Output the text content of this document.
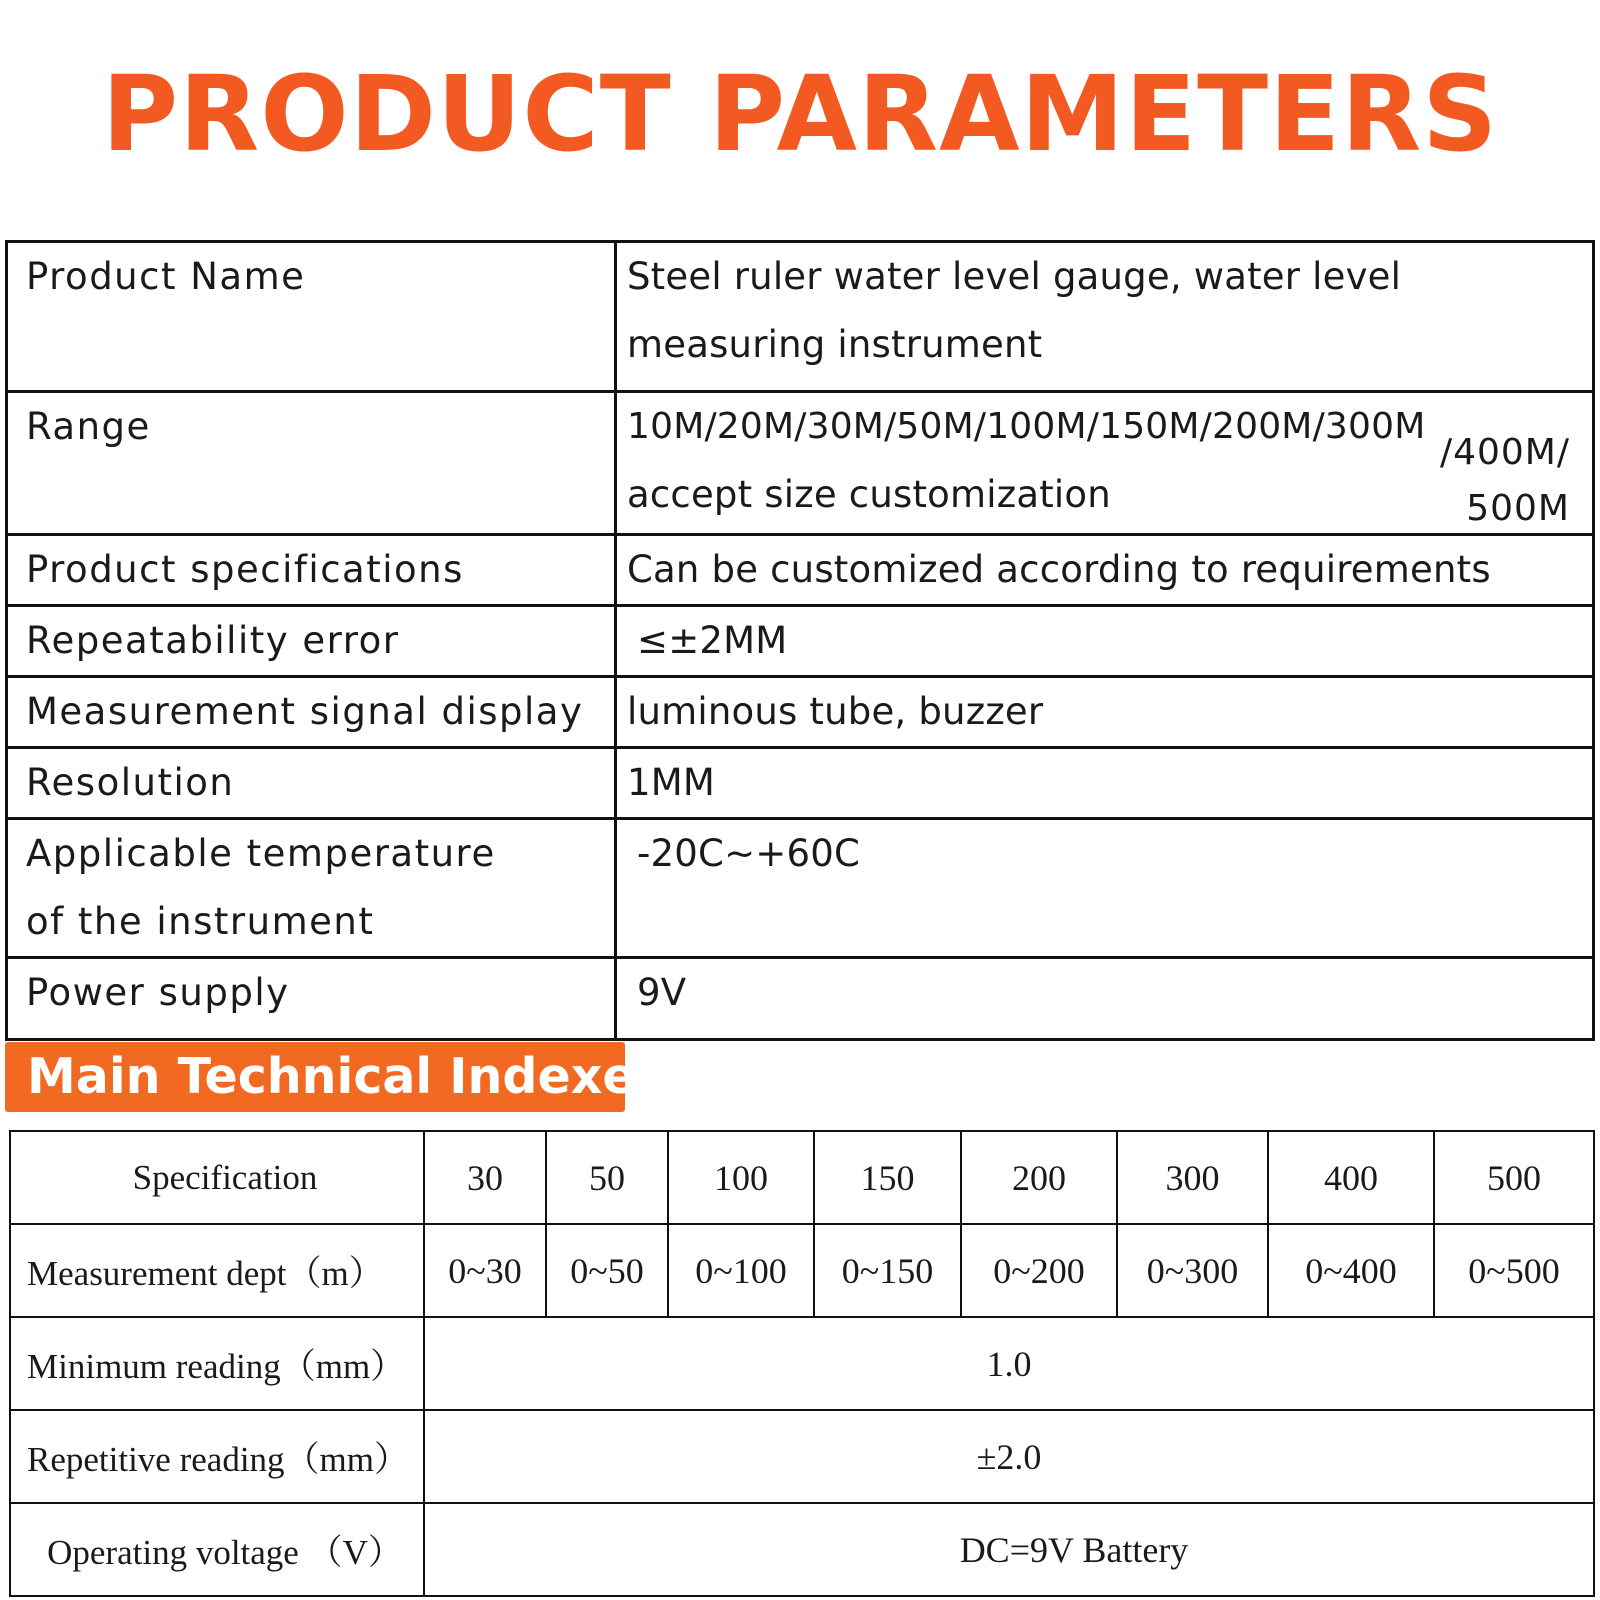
PRODUCT PARAMETERS
Product Name	Steel ruler water level gauge, water level
measuring instrument

Range	10M/20M/30M/50M/100M/150M/200M/300M
accept size customization
/400M/
500M

Product specifications	Can be customized according to requirements
Repeatability error	≤±2MM
Measurement signal display	luminous tube, buzzer
Resolution	1MM

Applicable temperature
of the instrument	-20C~+60C
Power supply	9V
Main Technical Indexes
Specification	30	50	100	150	200	300	400	500
Measurement dept（m）	0~30	0~50	0~100	0~150	0~200	0~300	0~400	0~500
Minimum reading（mm）	1.0							
Repetitive reading（mm）	±2.0							
Operating voltage （V）	DC=9V Battery							
